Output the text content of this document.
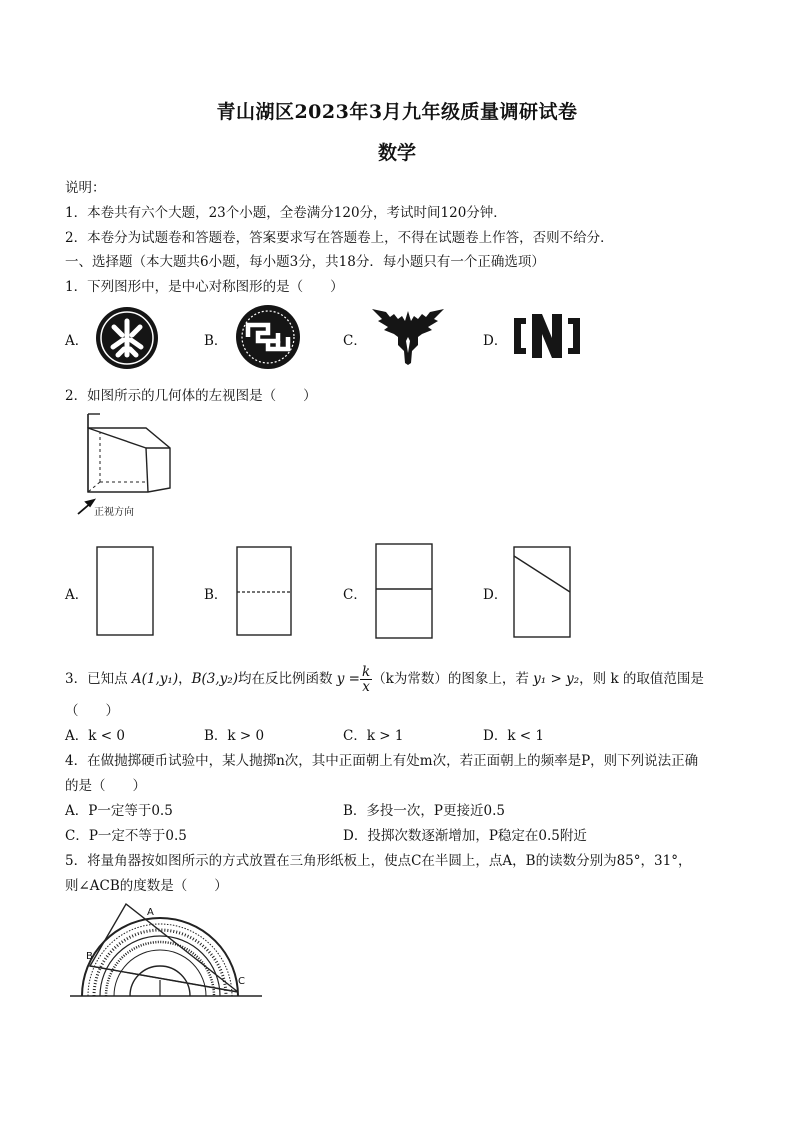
青山湖区2023年3月九年级质量调研试卷
数学
说明：
1．本卷共有六个大题，23个小题，全卷满分120分，考试时间120分钟．
2．本卷分为试题卷和答题卷，答案要求写在答题卷上，不得在试题卷上作答，否则不给分．
一、选择题（本大题共6小题，每小题3分，共18分．每小题只有一个正确选项）
1．下列图形中，是中心对称图形的是（　　）
A．	B．	C．	D．
2．如图所示的几何体的左视图是（　　）
正视方向
A．	B．	C．	D．
3．已知点 A(1,y₁)，B(3,y₂)均在反比例函数 $y = \frac{k}{x} (k$为常数）的图象上，若 y₁ > y₂，则 k 的取值范围是
（　　）
A．k < 0	B．k > 0	C．k > 1	D．k < 1
4．在做抛掷硬币试验中，某人抛掷n次，其中正面朝上有处m次，若正面朝上的频率是P，则下列说法正确
的是（　　）
A．P一定等于0.5	B．多投一次，P更接近0.5
C．P一定不等于0.5	D．投掷次数逐渐增加，P稳定在0.5附近
5．将量角器按如图所示的方式放置在三角形纸板上，使点C在半圆上，点A，B的读数分别为85°，31°，
则∠ACB的度数是（　　）
A
B
C
